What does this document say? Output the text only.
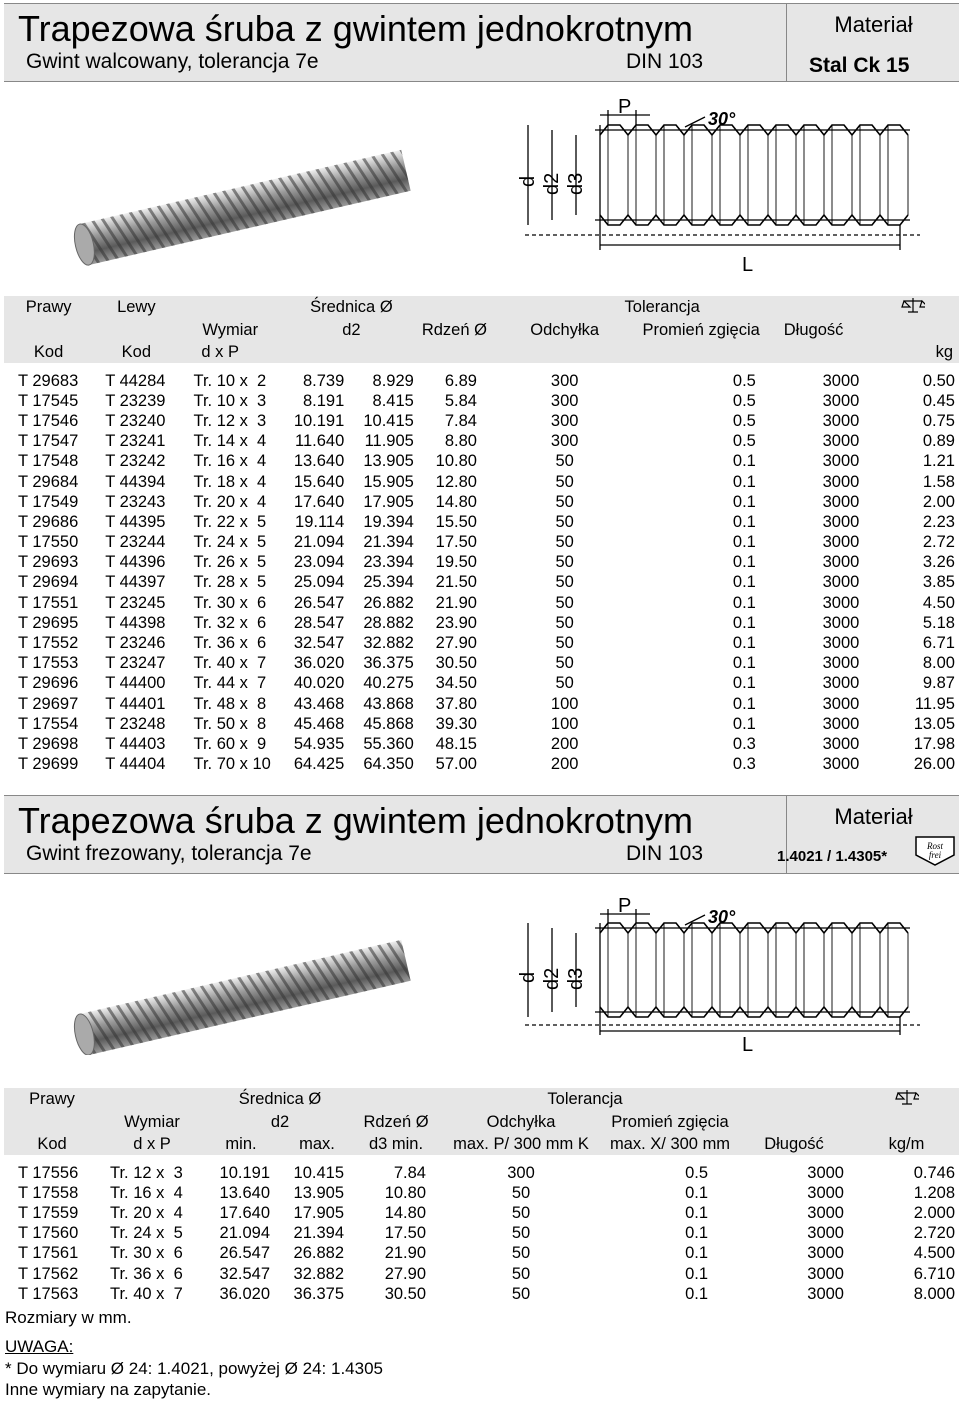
Trapezowa śruba z gwintem jednokrotnym
Gwint walcowany, tolerancja 7e	DIN 103
Materiał
Stal Ck 15
P
30°
d d2 d3
L
Prawy	Lewy		Średnica Ø			Tolerancja	
		Wymiar	d2		Rdzeń Ø	Odchyłka	Promień zgięcia	Długość	
Kod	Kod	d x P							kg

T 29683	T 44284	Tr. 10 x  2	8.739	8.929	6.89	300	0.5	3000	0.50
T 17545	T 23239	Tr. 10 x  3	8.191	8.415	5.84	300	0.5	3000	0.45
T 17546	T 23240	Tr. 12 x  3	10.191	10.415	7.84	300	0.5	3000	0.75
T 17547	T 23241	Tr. 14 x  4	11.640	11.905	8.80	300	0.5	3000	0.89
T 17548	T 23242	Tr. 16 x  4	13.640	13.905	10.80	50	0.1	3000	1.21
T 29684	T 44394	Tr. 18 x  4	15.640	15.905	12.80	50	0.1	3000	1.58
T 17549	T 23243	Tr. 20 x  4	17.640	17.905	14.80	50	0.1	3000	2.00
T 29686	T 44395	Tr. 22 x  5	19.114	19.394	15.50	50	0.1	3000	2.23
T 17550	T 23244	Tr. 24 x  5	21.094	21.394	17.50	50	0.1	3000	2.72
T 29693	T 44396	Tr. 26 x  5	23.094	23.394	19.50	50	0.1	3000	3.26
T 29694	T 44397	Tr. 28 x  5	25.094	25.394	21.50	50	0.1	3000	3.85
T 17551	T 23245	Tr. 30 x  6	26.547	26.882	21.90	50	0.1	3000	4.50
T 29695	T 44398	Tr. 32 x  6	28.547	28.882	23.90	50	0.1	3000	5.18
T 17552	T 23246	Tr. 36 x  6	32.547	32.882	27.90	50	0.1	3000	6.71
T 17553	T 23247	Tr. 40 x  7	36.020	36.375	30.50	50	0.1	3000	8.00
T 29696	T 44400	Tr. 44 x  7	40.020	40.275	34.50	50	0.1	3000	9.87
T 29697	T 44401	Tr. 48 x  8	43.468	43.868	37.80	100	0.1	3000	11.95
T 17554	T 23248	Tr. 50 x  8	45.468	45.868	39.30	100	0.1	3000	13.05
T 29698	T 44403	Tr. 60 x  9	54.935	55.360	48.15	200	0.3	3000	17.98
T 29699	T 44404	Tr. 70 x 10	64.425	64.350	57.00	200	0.3	3000	26.00
Trapezowa śruba z gwintem jednokrotnym
Gwint frezowany, tolerancja 7e	DIN 103
Materiał
1.4021 / 1.4305*
Rost
frei
P	30°
d d2 d3
L
Prawy		Średnica Ø			Tolerancja		
	Wymiar	d2		Rdzeń Ø	Odchyłka	Promień zgięcia		
Kod	d x P	min.	max.	d3 min.	max. P/ 300 mm K	max. X/ 300 mm	Długość	kg/m

T 17556	Tr. 12 x  3	10.191	10.415	7.84	300	0.5	3000	0.746
T 17558	Tr. 16 x  4	13.640	13.905	10.80	50	0.1	3000	1.208
T 17559	Tr. 20 x  4	17.640	17.905	14.80	50	0.1	3000	2.000
T 17560	Tr. 24 x  5	21.094	21.394	17.50	50	0.1	3000	2.720
T 17561	Tr. 30 x  6	26.547	26.882	21.90	50	0.1	3000	4.500
T 17562	Tr. 36 x  6	32.547	32.882	27.90	50	0.1	3000	6.710
T 17563	Tr. 40 x  7	36.020	36.375	30.50	50	0.1	3000	8.000
Rozmiary w mm.
UWAGA:
* Do wymiaru Ø 24: 1.4021, powyżej Ø 24: 1.4305
Inne wymiary na zapytanie.
